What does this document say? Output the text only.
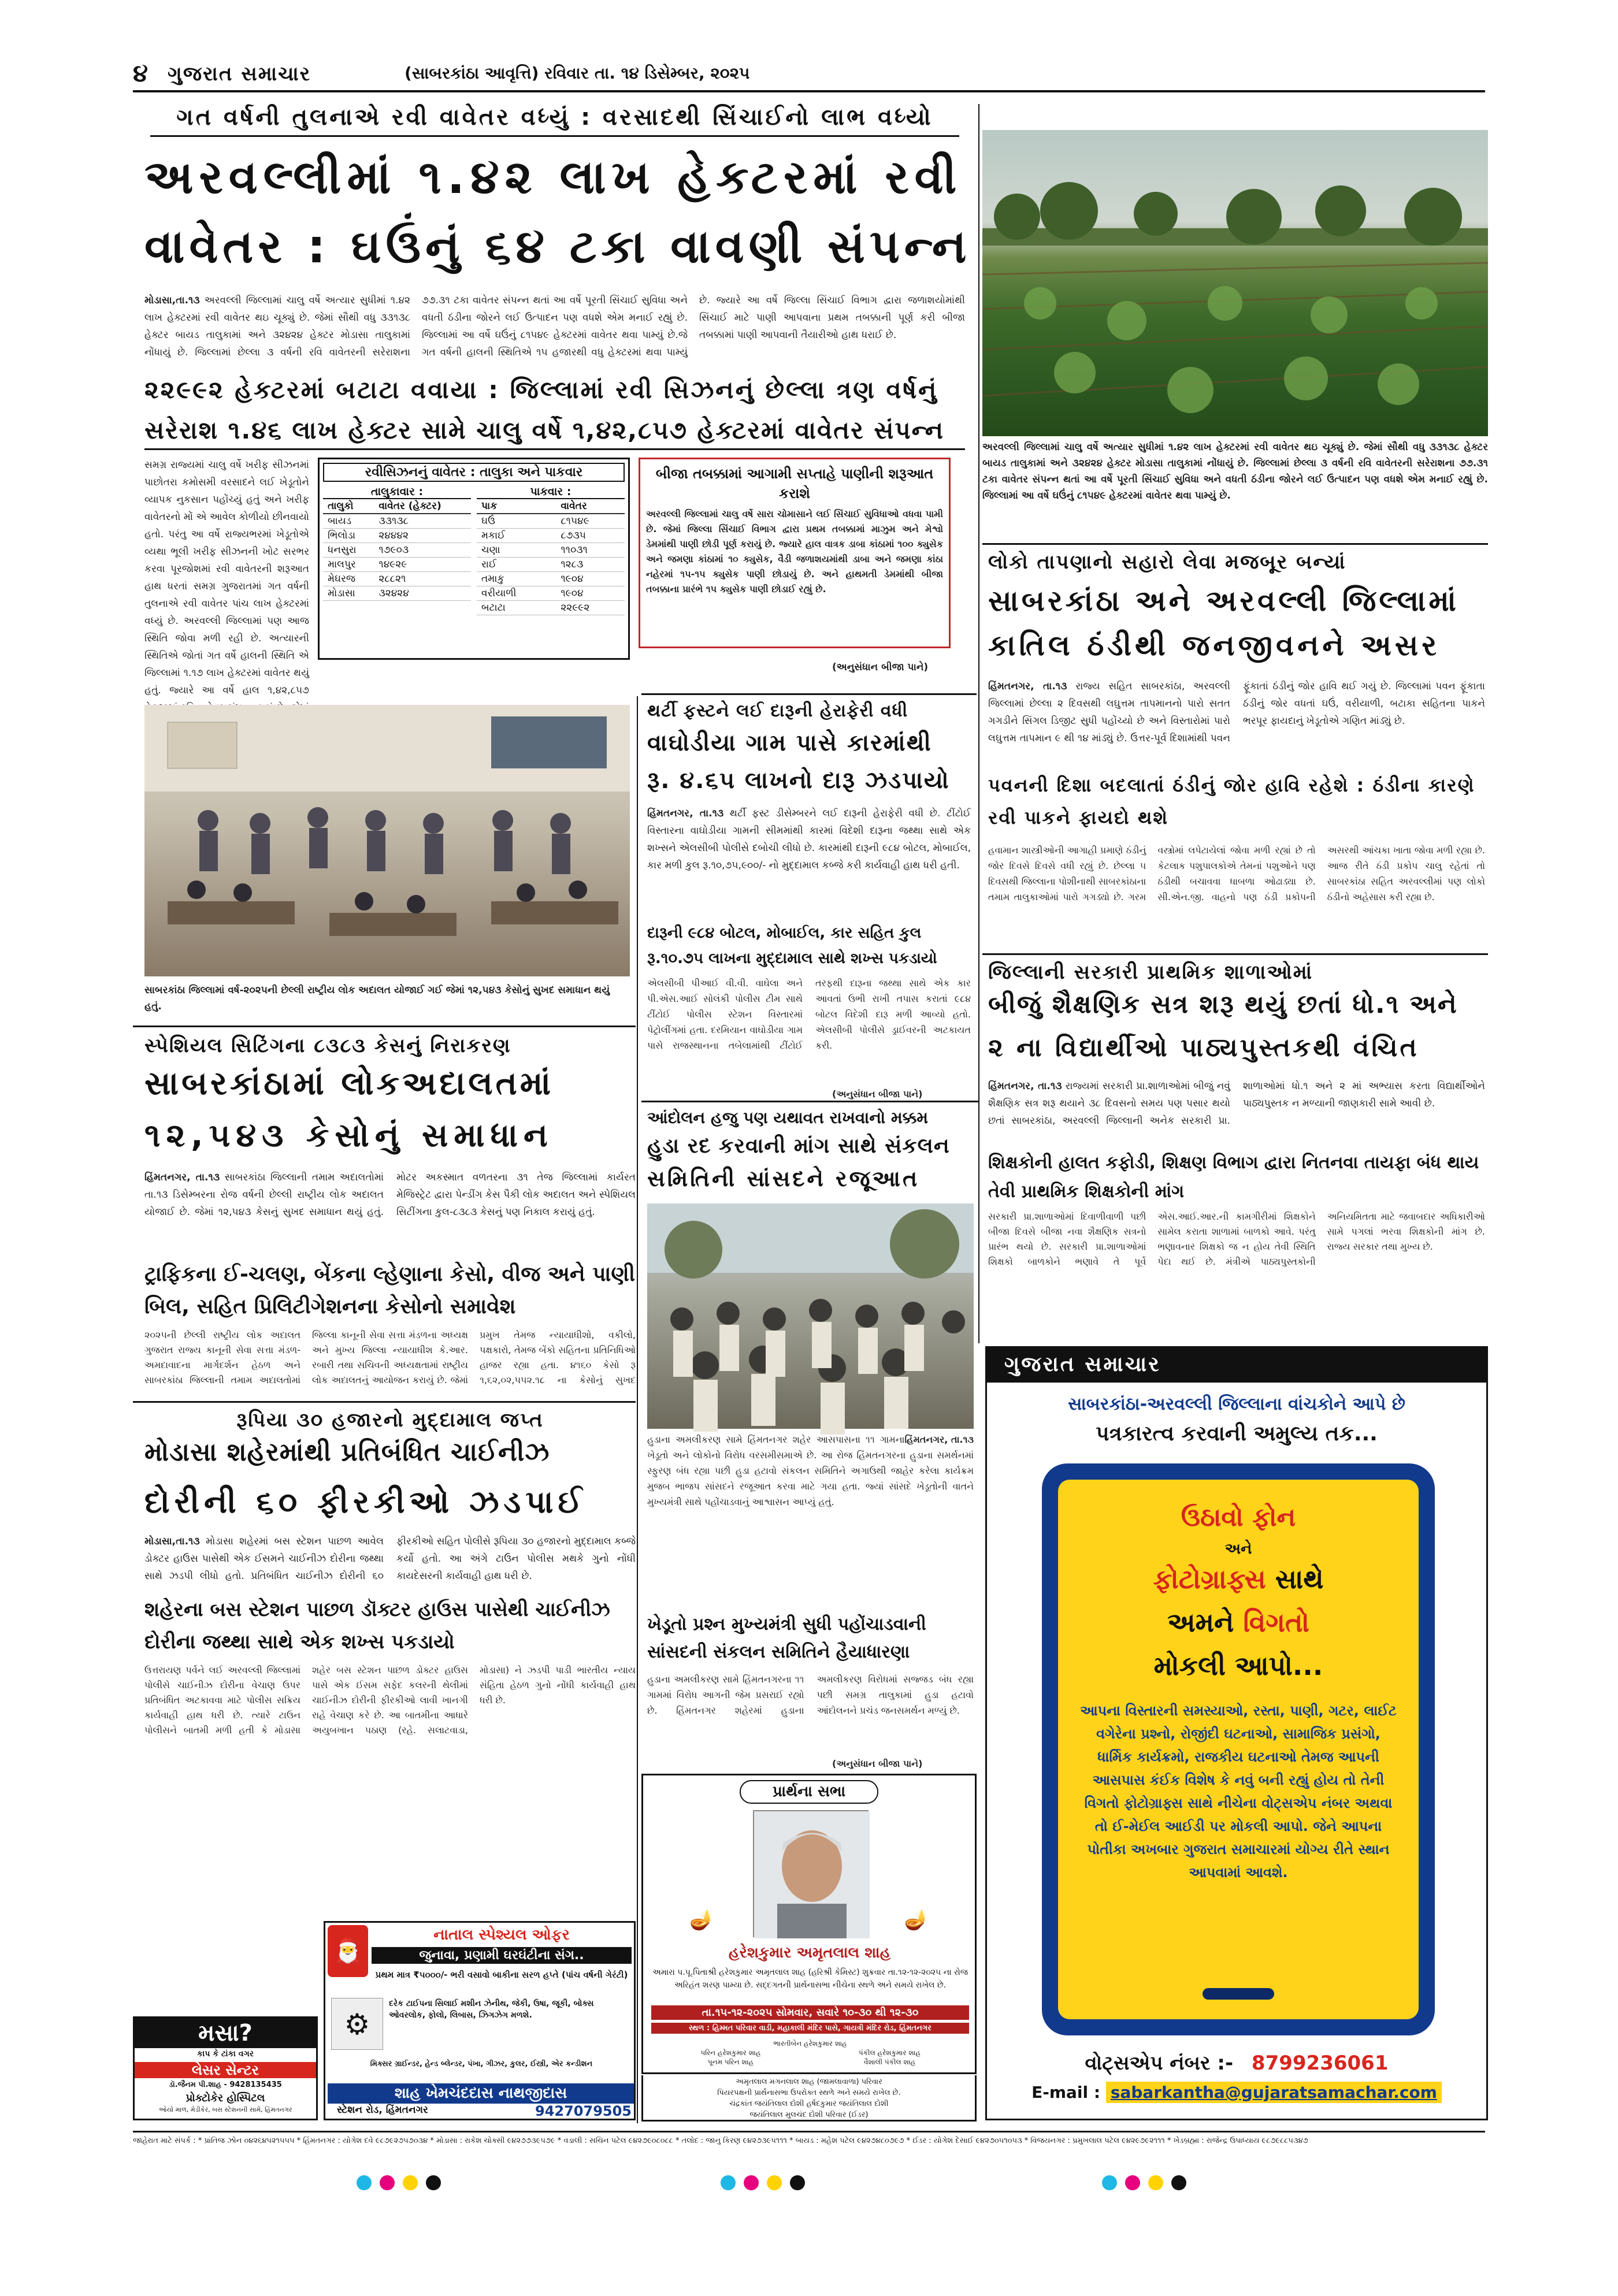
૪ ગુજરાત સમાચાર	(સાબરકાંઠા આવૃત્તિ) રવિવાર તા. ૧૪ ડિસેમ્બર, ૨૦૨૫
ગત વર્ષની તુલનાએ રવી વાવેતર વધ્યું : વરસાદથી સિંચાઈનો લાભ વધ્યો
અરવલ્લીમાં ૧.૪૨ લાખ હેક્ટરમાં રવી
વાવેતર : ઘઉંનું ૬૪ ટકા વાવણી સંપન્ન
મોડાસા,તા.૧૩ અરવલ્લી જિલ્લામાં ચાલુ વર્ષે અત્યાર સુધીમાં ૧.૪૨ લાખ હેક્ટરમાં રવી વાવેતર થઇ ચૂક્યું છે. જેમાં સૌથી વધુ ૩૩૧૩૮ હેક્ટર બાયડ તાલુકામાં અને ૩૨૪૨૪ હેક્ટર મોડાસા તાલુકામાં નોંધાયું છે. જિલ્લામાં છેલ્લા ૩ વર્ષની રવિ વાવેતરની સરેરાશના ૭૭.૩૧ ટકા વાવેતર સંપન્ન થતાં આ વર્ષે પૂરતી સિંચાઈ સુવિધા અને વધતી ઠંડીના જોરને લઈ ઉત્પાદન પણ વધશે એમ મનાઈ રહ્યું છે. જિલ્લામાં આ વર્ષે ઘઉંનું ૮૧૫૪૯ હેક્ટરમાં વાવેતર થવા પામ્યું છે.જે ગત વર્ષની હાલની સ્થિતિએ ૧૫ હજારથી વધુ હેક્ટરમાં થવા પામ્યું છે. જ્યારે આ વર્ષે જિલ્લા સિંચાઈ વિભાગ દ્વારા જળાશયોમાંથી સિંચાઈ માટે પાણી આપવાના પ્રથમ તબક્કાની પૂર્ણ કરી બીજા તબક્કામાં પાણી આપવાની તૈયારીઓ હાથ ધરાઈ છે.
૨૨૯૯૨ હેક્ટરમાં બટાટા વવાયા : જિલ્લામાં રવી સિઝનનું છેલ્લા ત્રણ વર્ષનું
સરેરાશ ૧.૪૬ લાખ હેક્ટર સામે ચાલુ વર્ષે ૧,૪૨,૮૫૭ હેક્ટરમાં વાવેતર સંપન્ન
સમગ્ર રાજ્યમાં ચાલુ વર્ષે ખરીફ સીઝનમાં પાછોતરા કમોસમી વરસાદને લઈ ખેડૂતોને વ્યાપક નુકસાન પહોંચ્યું હતું અને ખરીફ વાવેતરનો મોં એ આવેલ કોળીયો છીનવાયો હતો. પરંતુ આ વર્ષે રાજ્યભરમાં ખેડૂતોએ વ્યથા ભૂલી ખરીફ સીઝનની ખોટ સરભર કરવા પૂરજોશમાં રવી વાવેતરની શરૂઆત હાથ ધરતાં સમગ્ર ગુજરાતમાં ગત વર્ષની તુલનાએ રવી વાવેતર પાંચ લાખ હેક્ટરમાં વધ્યું છે. અરવલ્લી જિલ્લામાં પણ આજ સ્થિતિ જોવા મળી રહી છે. અત્યારની સ્થિતિએ જોતાં ગત વર્ષે હાલની સ્થિતિ એ જિલ્લામાં ૧.૧૭ લાખ હેક્ટરમાં વાવેતર થયું હતું. જ્યારે આ વર્ષે હાલ ૧,૪૨,૮૫૭
રવીસિઝનનું વાવેતર : તાલુકા અને પાકવાર
તાલુકાવાર :
તાલુકો	વાવેતર (હેક્ટર)
બાયડ	૩૩૧૩૮
ભિલોડા	૨૪૪૪૨
ધનસુરા	૧૭૯૦૩
માલપુર	૧૪૯૨૯
મેઘરજ	૨૮૮૨૧
મોડાસા	૩૨૪૨૪
પાકવાર :
પાક	વાવેતર
ઘઉં	૮૧૫૪૯
મકાઈ	૮૭૩૫
ચણા	૧૧૦૩૧
રાઈ	૧૨૮૩
તમાકુ	૧૯૦૪
વરીયાળી	૧૯૦૪
બટાટા	૨૨૯૯૨
બીજા તબક્કામાં આગામી સપ્તાહે પાણીની શરૂઆત કરાશે
અરવલ્લી જિલ્લામાં ચાલુ વર્ષે સારા ચોમાસાને લઈ સિંચાઈ સુવિધાઓ વધવા પામી છે. જેમાં જિલ્લા સિંચાઈ વિભાગ દ્વારા પ્રથમ તબક્કામાં માઝુમ અને મેશ્વો ડેમમાંથી પાણી છોડી પૂર્ણ કરાયું છે. જ્યારે હાલ વાત્રક ડાબા કાંઠામાં ૧૦૦ ક્યુસેક અને જમણા કાંઠામાં ૧૦ ક્યુસેક, વૈડી જળાશયમાંથી ડાબા અને જમણા કાંઠા નહેરમાં ૧૫-૧૫ ક્યુસેક પાણી છોડાયું છે. અને હાથમતી ડેમમાંથી બીજા તબક્કાના પ્રારંભે ૧૫ ક્યુસેક પાણી છોડાઈ રહ્યું છે.
(અનુસંધાન બીજા પાને)
અરવલ્લી જિલ્લામાં ચાલુ વર્ષે અત્યાર સુધીમાં ૧.૪૨ લાખ હેક્ટરમાં રવી વાવેતર થઇ ચૂક્યું છે. જેમાં સૌથી વધુ ૩૩૧૩૮ હેક્ટર બાયડ તાલુકામાં અને ૩૨૪૨૪ હેક્ટર મોડાસા તાલુકામાં નોંધાયું છે. જિલ્લામાં છેલ્લા ૩ વર્ષની રવિ વાવેતરની સરેરાશના ૭૭.૩૧ ટકા વાવેતર સંપન્ન થતાં આ વર્ષે પૂરતી સિંચાઈ સુવિધા અને વધતી ઠંડીના જોરને લઈ ઉત્પાદન પણ વધશે એમ મનાઈ રહ્યું છે. જિલ્લામાં આ વર્ષે ઘઉંનું ૮૧૫૪૯ હેક્ટરમાં વાવેતર થવા પામ્યું છે.
લોકો તાપણાનો સહારો લેવા મજબૂર બન્યાં
સાબરકાંઠા અને અરવલ્લી જિલ્લામાં
કાતિલ ઠંડીથી જનજીવનને અસર
હિંમતનગર, તા.૧૩ રાજ્ય સહિત સાબરકાંઠા, અરવલ્લી જિલ્લામાં છેલ્લા ૨ દિવસથી લઘુત્તમ તાપમાનનો પારો સતત ગગડીને સિંગલ ડિજીટ સુધી પહોંચ્યો છે અને વિસ્તારોમાં પારો લઘુત્તમ તાપમાન ૯ થી ૧૪ માંડ્યું છે. ઉત્તર-પૂર્વ દિશામાંથી પવન ફૂંકાતાં ઠંડીનું જોર હાવિ થઈ ગયું છે. જિલ્લામાં પવન ફૂંકાતા ઠંડીનું જોર વધતાં ઘઉં, વરીયાળી, બટાકા સહિતના પાકને ભરપૂર ફાયદાનું ખેડૂતોએ ગણિત માંડ્યું છે.
પવનની દિશા બદલાતાં ઠંડીનું જોર હાવિ રહેશે : ઠંડીના કારણે રવી પાકને ફાયદો થશે
હવામાન શાસ્ત્રીઓની આગાહી પ્રમાણે ઠંડીનું જોર દિવસે દિવસે વધી રહ્યું છે. છેલ્લા ૫ દિવસથી જિલ્લાના પોશીનાથી સાબરકાંઠાના તમામ તાલુકાઓમાં પારો ગગડ્યો છે. ગરમ વસ્ત્રોમાં લપેટાયેલાં જોવા મળી રહ્યાં છે તો કેટલાક પશુપાલકોએ તેમનાં પશુઓને પણ ઠંડીથી બચાવવા ધાબળા ઓઢાડ્યા છે. સી.એન.જી. વાહનો પણ ઠંડી પ્રકોપની અસરથી આંચકા ખાતા જોવા મળી રહ્યા છે. આજ રીતે ઠંડી પ્રકોપ ચાલુ રહેતાં તો સાબરકાંઠા સહિત અરવલ્લીમાં પણ લોકો ઠંડીનો અહેસાસ કરી રહ્યા છે.
થર્ટી ફસ્ટને લઈ દારૂની હેરાફેરી વધી
વાઘોડીયા ગામ પાસે કારમાંથી
રૂ. ૪.૬૫ લાખનો દારૂ ઝડપાયો
હિંમતનગર, તા.૧૩ થર્ટી ફસ્ટ ડીસેમ્બરને લઈ દારૂની હેરાફેરી વધી છે. ટીંટોઈ વિસ્તારના વાઘોડીયા ગામની સીમમાંથી કારમાં વિદેશી દારૂના જથ્થા સાથે એક શખ્સને એલસીબી પોલીસે દબોચી લીધો છે. કારમાંથી દારૂની ૯૮૪ બોટલ, મોબાઈલ, કાર મળી કુલ રૂ.૧૦,૭૫,૯૦૦/- નો મુદ્દામાલ કબ્જે કરી કાર્યવાહી હાથ ધરી હતી.
દારૂની ૯૮૪ બોટલ, મોબાઈલ, કાર સહિત કુલ રૂ.૧૦.૭૫ લાખના મુદ્દામાલ સાથે શખ્સ પકડાયો
એલસીબી પીઆઈ વી.વી. વાઘેલા અને પી.એસ.આઈ સોલંકી પોલીસ ટીમ સાથે ટીંટોઈ પોલીસ સ્ટેશન વિસ્તારમાં પેટ્રોલીંગમાં હતા. દરમિયાન વાઘોડીયા ગામ પાસે રાજસ્થાનના તબેલામાંથી ટીંટોઈ તરફથી દારૂના જથ્થા સાથે એક કાર આવતાં ઉભી રાખી તપાસ કરાતાં ૯૮૪ બોટલ વિદેશી દારૂ મળી આવ્યો હતો. એલસીબી પોલીસે ડ્રાઈવરની અટકાયત કરી.
(અનુસંધાન બીજા પાને)
સાબરકાંઠા જિલ્લામાં વર્ષ-૨૦૨૫ની છેલ્લી રાષ્ટ્રીય લોક અદાલત યોજાઈ ગઈ જેમાં ૧૨,૫૪૩ કેસોનું સુખદ સમાધાન થયું હતું.
સ્પેશિયલ સિટિંગના ૮૩૮૩ કેસનું નિરાકરણ
સાબરકાંઠામાં લોકઅદાલતમાં
૧૨,૫૪૩ કેસોનું સમાધાન
હિંમતનગર, તા.૧૩ સાબરકાંઠા જિલ્લાની તમામ અદાલતોમાં તા.૧૩ ડિસેમ્બરના રોજ વર્ષની છેલ્લી રાષ્ટ્રીય લોક અદાલત યોજાઈ છે. જેમાં ૧૨,૫૪૩ કેસનું સુખદ સમાધાન થયું હતું. મોટર અકસ્માત વળતરના ૩૧ તેજ જિલ્લામાં કાર્યરત મેજિસ્ટ્રેટ દ્વારા પેન્ડીંગ કેસ પૈકી લોક અદાલત અને સ્પેશિયલ સિટીંગના કુલ-૮૩૮૩ કેસનું પણ નિકાલ કરાયું હતું.
ટ્રાફિકના ઈ-ચલણ, બેંકના લ્હેણાના કેસો, વીજ અને પાણી બિલ, સહિત પ્રિલિટીગેશનના કેસોનો સમાવેશ
૨૦૨૫ની છેલ્લી રાષ્ટ્રીય લોક અદાલત ગુજરાત રાજ્ય કાનૂની સેવા સત્તા મંડળ-અમદાવાદના માર્ગદર્શન હેઠળ અને સાબરકાંઠા જિલ્લાની તમામ અદાલતોમાં જિલ્લા કાનૂની સેવા સત્તા મંડળના અધ્યક્ષ અને મુખ્ય જિલ્લા ન્યાયાધીશ કે.આર. રબારી તથા સચિવની અધ્યક્ષતામાં રાષ્ટ્રીય લોક અદાલતનું આયોજન કરાયું છે. જેમાં પ્રમુખ તેમજ ન્યાયાધીશો, વકીલો, પક્ષકારો, તેમજ બેંકો સહિતના પ્રતિનિધિઓ હાજર રહ્યા હતા. ૪૧૬૦ કેસો રૂ ૧,૬૨,૦૨,૫૫૨.૧૮ ના કેસોનું સુખદ
આંદોલન હજુ પણ યથાવત રાખવાનો મક્કમ
હુડા રદ કરવાની માંગ સાથે સંકલન
સમિતિની સાંસદને રજૂઆત
હિંમતનગર, તા.૧૩
હુડાના અમલીકરણ સામે હિંમતનગર શહેર આસપાસના ૧૧ ગામના ખેડૂતો અને લોકોનો વિરોધ વરસમીસમાએ છે. આ રોજ હિંમતનગરના હુડાના સમર્થનમાં સ્ફુરણ બંધ રહ્યા પછી હુડા હટાવો સંકલન સમિતિને અગાઉથી જાહેર કરેલા કાર્યક્રમ મુજબ ભાજપ સાંસદને રજૂઆત કરવા માટે ગયા હતા. જ્યાં સાંસદે ખેડૂતોની વાતને મુખ્યમંત્રી સાથે પહોંચાડવાનું આશ્વાસન આપ્યું હતું.
ખેડૂતો પ્રશ્ન મુખ્યમંત્રી સુધી પહોંચાડવાની સાંસદની સંકલન સમિતિને હૈયાધારણા
હુડાના અમલીકરણ સામે હિંમતનગરના ૧૧ ગામમાં વિરોધ આગની જેમ પ્રસરાઈ રહ્યો છે. હિંમતનગર શહેરમાં હુડાના અમલીકરણ વિરોધમાં સજ્જડ બંધ રહ્યા પછી સમગ્ર તાલુકામાં હુડા હટાવો આંદોલનને પ્રચંડ જનસમર્થન મળ્યું છે.
(અનુસંધાન બીજા પાને)
જિલ્લાની સરકારી પ્રાથમિક શાળાઓમાં
બીજું શૈક્ષણિક સત્ર શરૂ થયું છતાં ધો.૧ અને
૨ ના વિદ્યાર્થીઓ પાઠ્યપુસ્તકથી વંચિત
હિંમતનગર, તા.૧૩ રાજ્યમાં સરકારી પ્રા.શાળાઓમાં બીજું નવું શૈક્ષણિક સત્ર શરૂ થયાને ૩૮ દિવસનો સમય પણ પસાર થયો છતાં સાબરકાંઠા, અરવલ્લી જિલ્લાની અનેક સરકારી પ્રા. શાળાઓમાં ધો.૧ અને ૨ માં અભ્યાસ કરતા વિદ્યાર્થીઓને પાઠ્યપુસ્તક ન મળ્યાની જાણકારી સામે આવી છે.
શિક્ષકોની હાલત કફોડી, શિક્ષણ વિભાગ દ્વારા નિતનવા તાયફા બંધ થાય તેવી પ્રાથમિક શિક્ષકોની માંગ
સરકારી પ્રા.શાળાઓમાં દિવાળીવાળી પછી બીજા દિવસે બીજા નવા શૈક્ષણિક સત્રનો પ્રારંભ થયો છે. સરકારી પ્રા.શાળાઓમાં શિક્ષકો બાળકોને ભણાવે તે પૂર્વે એસ.આઈ.આર.ની કામગીરીમાં શિક્ષકોને સામેલ કરાતા શાળામાં બાળકો આવે. પરંતુ ભણાવનાર શિક્ષકો જ ન હોય તેવી સ્થિતિ પેદા થઈ છે. મંત્રીએ પાઠ્યપુસ્તકોની અનિયમિતતા માટે જવાબદાર અધિકારીઓ સામે પગલાં ભરવા શિક્ષકોની માંગ છે. રાજ્ય સરકાર તથા મુખ્ય છે.
રૂપિયા ૩૦ હજારનો મુદ્દામાલ જપ્ત
મોડાસા શહેરમાંથી પ્રતિબંધિત ચાઈનીઝ
દોરીની ૬૦ ફીરકીઓ ઝડપાઈ
મોડાસા,તા.૧૩ મોડાસા શહેરમાં બસ સ્ટેશન પાછળ આવેલ ડોક્ટર હાઉસ પાસેથી એક ઈસમને ચાઈનીઝ દોરીના જથ્થા સાથે ઝડપી લીધો હતો. પ્રતિબંધિત ચાઈનીઝ દોરીની ૬૦ ફીરકીઓ સહિત પોલીસે રૂપિયા ૩૦ હજારનો મુદ્દામાલ કબ્જે કર્યો હતો. આ અંગે ટાઉન પોલીસ મથકે ગુનો નોંધી કાયદેસરની કાર્યવાહી હાથ ધરી છે.
શહેરના બસ સ્ટેશન પાછળ ડૉક્ટર હાઉસ પાસેથી ચાઈનીઝ દોરીના જથ્થા સાથે એક શખ્સ પકડાયો
ઉત્તરાયણ પર્વને લઈ અરવલ્લી જિલ્લામાં પોલીસે ચાઈનીઝ દોરીના વેચાણ ઉપર પ્રતિબંધિત અટકાવવા માટે પોલીસ સક્રિય કાર્યવાહી હાથ ધરી છે. ત્યારે ટાઉન પોલીસને બાતમી મળી હતી કે મોડાસા શહેર બસ સ્ટેશન પાછળ ડોક્ટર હાઉસ પાસે એક ઈસમ સફેદ કલરની થેલીમાં ચાઈનીઝ દોરીની ફીરકીઓ લાવી ખાનગી રાહે વેચાણ કરે છે. આ બાતમીના આધારે અયુબખાન પઠાણ (રહે. સલાટવાડા, મોડાસા) ને ઝડપી પાડી ભારતીય ન્યાય સંહિતા હેઠળ ગુનો નોંધી કાર્યવાહી હાથ ધરી છે.
પ્રાર્થના સભા
🪔	🪔
હરેશકુમાર અમૃતલાલ શાહ
અમારા પ.પૂ.પિતાશ્રી હરેશકુમાર અમૃતલાલ શાહ (હરિશ્રી કેમિસ્ટ) શુક્રવાર તા.૧૨-૧૨-૨૦૨૫ ના રોજ અરિહંત શરણ પામ્યા છે. સદ્દગતની પ્રાર્થનાસભા નીચેના સ્થળે અને સમયે રાખેલ છે.
તા.૧૫-૧૨-૨૦૨૫ સોમવાર, સવારે ૧૦-૩૦ થી ૧૨-૩૦
સ્થળ : હિમ્મત પરિવાર વાડી, મહાકાલી મંદિર પાસે, ગાયત્રી મંદિર રોડ, હિંમતનગર
ભારતીબેન હરેશકુમાર શાહ
પરિન હરેશકુમાર શાહ	પંકીલ હરેશકુમાર શાહ
પૂનમ પરિન શાહ	વૈશાલી પંકીલ શાહ
અમૃતલાલ મગનલાલ શાહ (જામલાવાળા) પરિવાર
પિયરપક્ષની પ્રાર્થનાસભા ઉપરોક્ત સ્થળે અને સમયે રાખેલ છે.
ચંદ્રકાંત જયંતિલાલ દોશી હર્ષદકુમાર જયંતિલાલ દોશી
જયંતિલાલ મુલચંદ દોશી પરિવાર (ઈડર)
🎅
નાતાલ સ્પેશ્યલ ઓફર
જુનાવા, પ્રણામી ઘરઘંટીના સંગ..
પ્રથમ માત્ર ₹૫૦૦૦/- ભરી વસાવો બાકીના સરળ હપ્તે (પાંચ વર્ષની ગેરંટી)
⚙
દરેક ટાઈપના સિલાઈ મશીન ઝેનીથ, જેકી, ઉષા, જૂકી, બોક્સ ઓવરલોક, ફોલો, લિબાસ, ઝિગઝેગ મળશે.
મિક્સર ગ્રાઈન્ડર, હેન્ડ બ્લેન્ડર, પંખા, ગીઝર, કુલર, ઈસ્ત્રી, એર કન્ડીશન
શાહ ખેમચંદદાસ નાથજીદાસ
સ્ટેશન રોડ, હિંમતનગર	9427079505
મસા?
કાપ કે ટાંકા વગર
લેસર સેન્ટર
ડૉ.જૈનમ પી.શાહ - 9428135435
પ્રોક્ટોકેર હોસ્પિટલ
ઓયો માળ, મેડીકેર, બસ સ્ટેશનની સામે, હિંમતનગર
ગુજરાત સમાચાર
સાબરકાંઠા-અરવલ્લી જિલ્લાના વાંચકોને આપે છે
પત્રકારત્વ કરવાની અમુલ્ય તક...
ઉઠાવો ફોન
અને
ફોટોગ્રાફ્સ સાથે
અમને વિગતો
મોકલી આપો...
આપના વિસ્તારની સમસ્યાઓ, રસ્તા, પાણી, ગટર, લાઈટ વગેરેના પ્રશ્નો, રોજીંદી ઘટનાઓ, સામાજિક પ્રસંગો, ધાર્મિક કાર્યક્રમો, રાજકીય ઘટનાઓ તેમજ આપની આસપાસ કંઈક વિશેષ કે નવું બની રહ્યું હોય તો તેની વિગતો ફોટોગ્રાફ્સ સાથે નીચેના વોટ્સએપ નંબર અથવા તો ઈ-મેઈલ આઈડી પર મોકલી આપો. જેને આપના પોતીકા અખબાર ગુજરાત સમાચારમાં યોગ્ય રીતે સ્થાન આપવામાં આવશે.
વોટ્સએપ નંબર :- 8799236061
E-mail : sabarkantha@gujaratsamachar.com
જાહેરાત માટે સંપર્ક : * પ્રાંતિજ ઝોન ૦૪૨૬૪૫૨૧૫૫૫ * હિંમતનગર : યોગેશ દવે ૯૮૭૯૨૭૫૭૦૩૪ * મોડાસા : રાકેશ ચોક્સી ૯૪૨૭૭૩૯૫૭૯ * વડાલી : સચિન પટેલ ૯૪૨૭૯૦૮૦૮૮ * તલોદ : જાનુ કિરણ ૯૪૨૭૩૯૫૧૧૧ * બાયડ : મહેશ પટેલ ૯૪૨૭૪૮૦૭૯૭ * ઈડર : યોગેશ દેસાઈ ૯૪૨૭૦૫૧૦૫૩ * વિજયનગર : પ્રમુખલાલ પટેલ ૯૪૨૯૭૯૨૧૧૧ * ખેડબ્રહ્મા : રાજેન્દ્ર ઉપાધ્યાય ૯૮૭૯૮૮૫૩૪૭
